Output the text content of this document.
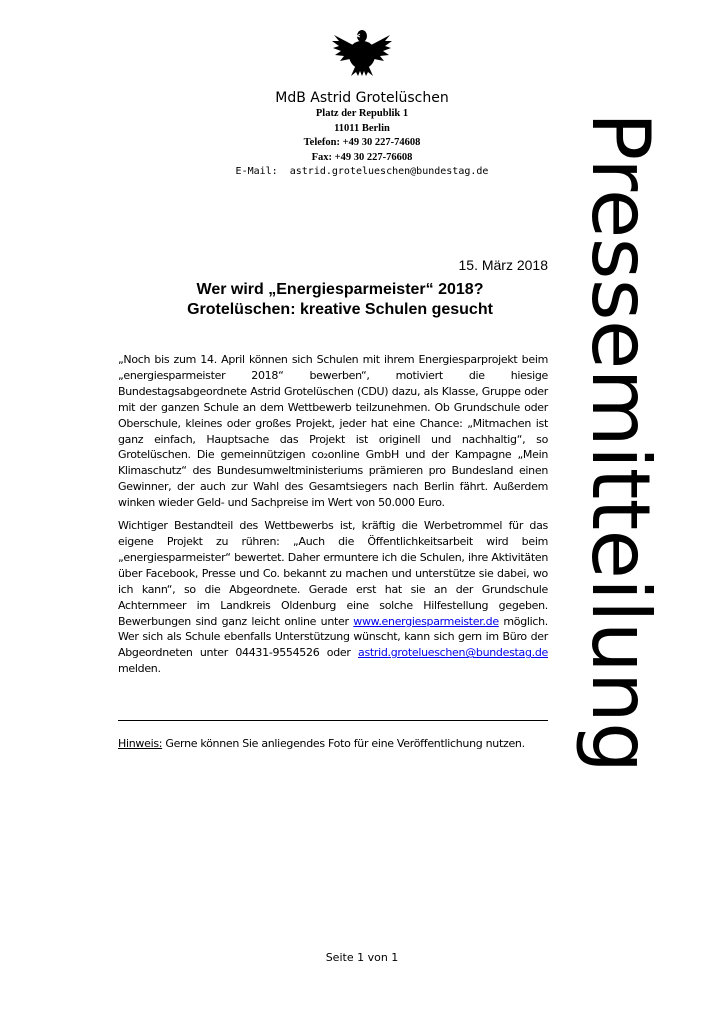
MdB Astrid Grotelüschen
Platz der Republik 1
11011 Berlin
Telefon: +49 30 227-74608
Fax: +49 30 227-76608
E-Mail: astrid.grotelueschen@bundestag.de	Pressemitteilung
15. März 2018
Wer wird „Energiesparmeister“ 2018?
Grotelüschen: kreative Schulen gesucht

„Noch bis zum 14. April können sich Schulen mit ihrem Energiesparprojekt beim „energiesparmeister 2018“ bewerben“, motiviert die hiesige Bundestagsabgeordnete Astrid Grotelüschen (CDU) dazu, als Klasse, Gruppe oder mit der ganzen Schule an dem Wettbewerb teilzunehmen. Ob Grundschule oder Oberschule, kleines oder großes Projekt, jeder hat eine Chance: „Mitmachen ist ganz einfach, Hauptsache das Projekt ist originell und nachhaltig“, so Grotelüschen. Die gemeinnützigen co₂online GmbH und der Kampagne „Mein Klimaschutz“ des Bundesumweltministeriums prämieren pro Bundesland einen Gewinner, der auch zur Wahl des Gesamtsiegers nach Berlin fährt. Außerdem winken wieder Geld- und Sachpreise im Wert von 50.000 Euro.

Wichtiger Bestandteil des Wettbewerbs ist, kräftig die Werbetrommel für das eigene Projekt zu rühren: „Auch die Öffentlichkeitsarbeit wird beim „energiesparmeister“ bewertet. Daher ermuntere ich die Schulen, ihre Aktivitäten über Facebook, Presse und Co. bekannt zu machen und unterstütze sie dabei, wo ich kann“, so die Abgeordnete. Gerade erst hat sie an der Grundschule Achternmeer im Landkreis Oldenburg eine solche Hilfestellung gegeben. Bewerbungen sind ganz leicht online unter www.energiesparmeister.de möglich. Wer sich als Schule ebenfalls Unterstützung wünscht, kann sich gern im Büro der Abgeordneten unter 04431-9554526 oder astrid.grotelueschen@bundestag.de melden.

Hinweis: Gerne können Sie anliegendes Foto für eine Veröffentlichung nutzen.
Seite 1 von 1
